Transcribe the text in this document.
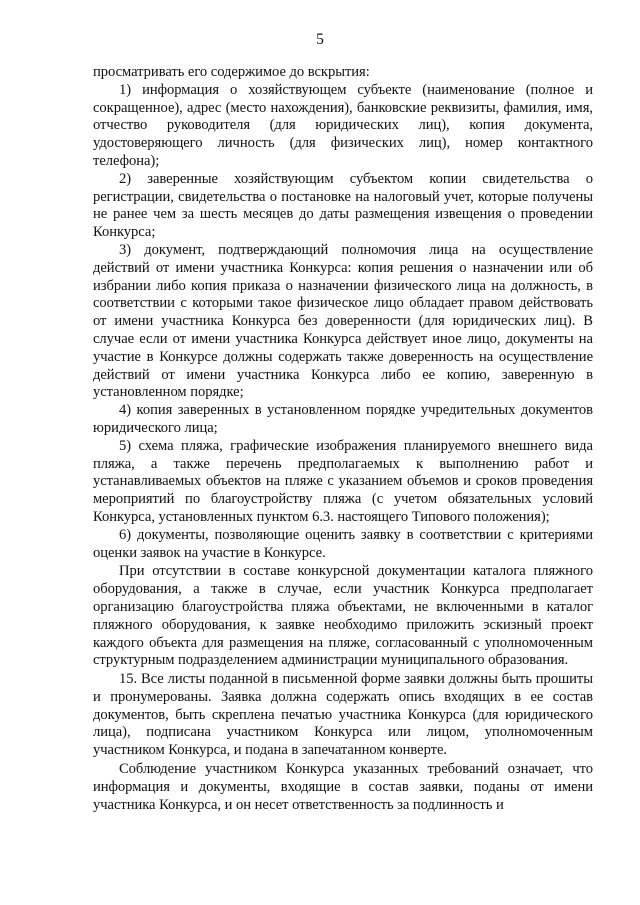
5

просматривать его содержимое до вскрытия:

1) информация о хозяйствующем субъекте (наименование (полное и сокращенное), адрес (место нахождения), банковские реквизиты, фамилия, имя, отчество руководителя (для юридических лиц), копия документа, удостоверяющего личность (для физических лиц), номер контактного телефона);

2) заверенные хозяйствующим субъектом копии свидетельства о регистрации, свидетельства о постановке на налоговый учет, которые получены не ранее чем за шесть месяцев до даты размещения извещения о проведении Конкурса;

3) документ, подтверждающий полномочия лица на осуществление действий от имени участника Конкурса: копия решения о назначении или об избрании либо копия приказа о назначении физического лица на должность, в соответствии с которыми такое физическое лицо обладает правом действовать от имени участника Конкурса без доверенности (для юридических лиц). В случае если от имени участника Конкурса действует иное лицо, документы на участие в Конкурсе должны содержать также доверенность на осуществление действий от имени участника Конкурса либо ее копию, заверенную в установленном порядке;

4) копия заверенных в установленном порядке учредительных документов юридического лица;

5) схема пляжа, графические изображения планируемого внешнего вида пляжа, а также перечень предполагаемых к выполнению работ и устанавливаемых объектов на пляже с указанием объемов и сроков проведения мероприятий по благоустройству пляжа (с учетом обязательных условий Конкурса, установленных пунктом 6.3. настоящего Типового положения);

6) документы, позволяющие оценить заявку в соответствии с критериями оценки заявок на участие в Конкурсе.

При отсутствии в составе конкурсной документации каталога пляжного оборудования, а также в случае, если участник Конкурса предполагает организацию благоустройства пляжа объектами, не включенными в каталог пляжного оборудования, к заявке необходимо приложить эскизный проект каждого объекта для размещения на пляже, согласованный с уполномоченным структурным подразделением администрации муниципального образования.

15. Все листы поданной в письменной форме заявки должны быть прошиты и пронумерованы. Заявка должна содержать опись входящих в ее состав документов, быть скреплена печатью участника Конкурса (для юридического лица), подписана участником Конкурса или лицом, уполномоченным участником Конкурса, и подана в запечатанном конверте.

Соблюдение участником Конкурса указанных требований означает, что информация и документы, входящие в состав заявки, поданы от имени участника Конкурса, и он несет ответственность за подлинность и
